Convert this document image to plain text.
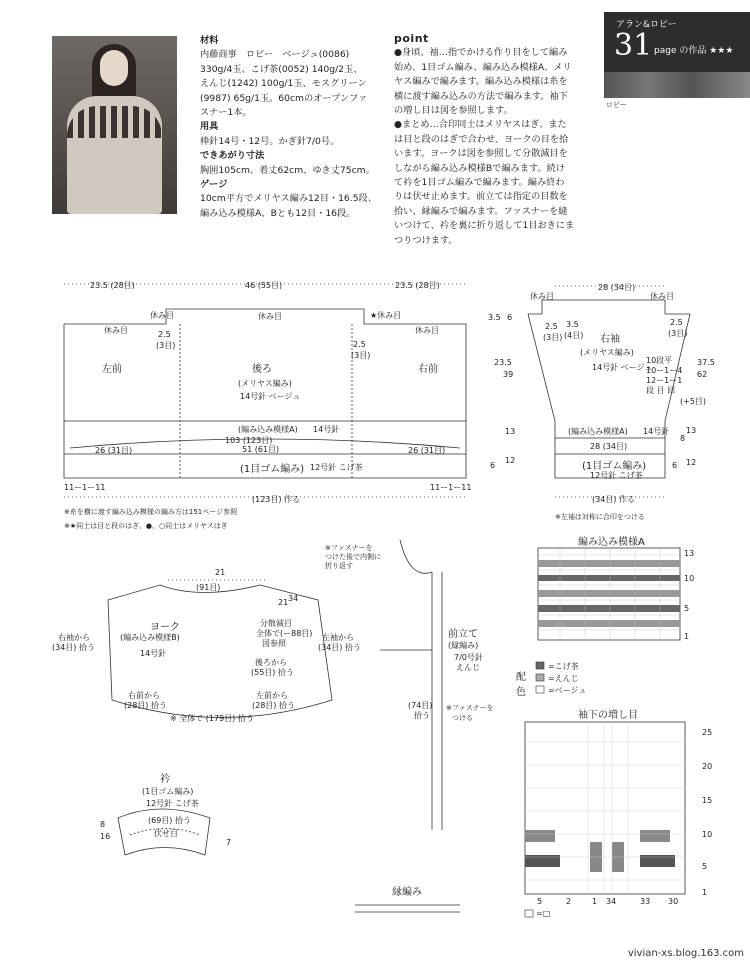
材料
内藤商事　ロビー　ベージュ(0086)
330g/4玉、こげ茶(0052) 140g/2玉、
えんじ(1242) 100g/1玉、モスグリーン
(9987) 65g/1玉。60cmのオープンファ
スナー1本。
用具
棒針14号・12号。かぎ針7/0号。
できあがり寸法
胸囲105cm、着丈62cm、ゆき丈75cm。
ゲージ
10cm平方でメリヤス編み12目・16.5段、
編み込み模様A、Bとも12目・16段。
point
●身頃、袖…指でかける作り目をして編み
始め、1目ゴム編み、編み込み模様A、メリ
ヤス編みで編みます。編み込み模様は糸を
横に渡す編み込みの方法で編みます。袖下
の増し目は図を参照します。
●まとめ…合印同士はメリヤスはぎ、また
は目と段のはぎで合わせ、ヨークの目を拾
います。ヨークは図を参照して分散減目を
しながら編み込み模様Bで編みます。続け
て衿を1目ゴム編みで編みます。編み終わ
りは伏せ止めます。前立ては指定の目数を
拾い、縁編みで編みます。ファスナーを縫
いつけて、衿を裏に折り返して1目おきにま
つりつけます。
アラン&ロビー
31 page の作品 ★★★
ロビー
23.5 (28目)	46 (55目)	23.5 (28目)
休み目	休み目	★休み目
休み目	休み目
2.5
(3目)	2.5
(3目)
左前	後ろ
(メリヤス編み)
14号針 ベージュ
右前
3.5 6
23.5
39
13
12
6
(編み込み模様A) 14号針
103 (123目)
51 (61目)
26 (31目)	26 (31目)
(1目ゴム編み) 12号針 こげ茶
11ー1ー11	11ー1ー11
(123目) 作る
※糸を横に渡す編み込み模様の編み方は151ページ参照
※★同士は目と段のはぎ、●、○同士はメリヤスはぎ
28 (34目)
休み目	休み目
2.5
(3目)
3.5
(4目)
2.5
(3目)
右袖
(メリヤス編み)
14号針 ベージュ
10段平
10ー1ー4
12ー1ー1
段 目 回
37.5
62
(+5目)
(編み込み模様A) 14号針
8
13
28 (34目)
(1目ゴム編み)
12号針 こげ茶
6 12
(34目) 作る
※左袖は対称に合印をつける
21
(91目)
21 34
ヨーク
(編み込み模様B)
14号針
分散減目
全体で(ー88目)
図参照
右袖から
(34目) 拾う
左袖から
(34目) 拾う
後ろから
(55目) 拾う
右前から
(28目) 拾う
左前から
(28目) 拾う
※ 全体で (179目) 拾う
衿
(1目ゴム編み)
12号針 こげ茶
(69目) 拾う
伏せ目
8
16
7
※ファスナーを
つけた後で内側に
折り返す
前立て
(縁編み)
7/0号針
えんじ
(74目)
拾う
※ファスナーを
つける
縁編み
編み込み模様A
13
10
5
1
配色
=こげ茶
=えんじ
=ベージュ
袖下の増し目
25
20
15
10
5
1
5	2	1 34	33 30
=□
vivian-xs.blog.163.com
